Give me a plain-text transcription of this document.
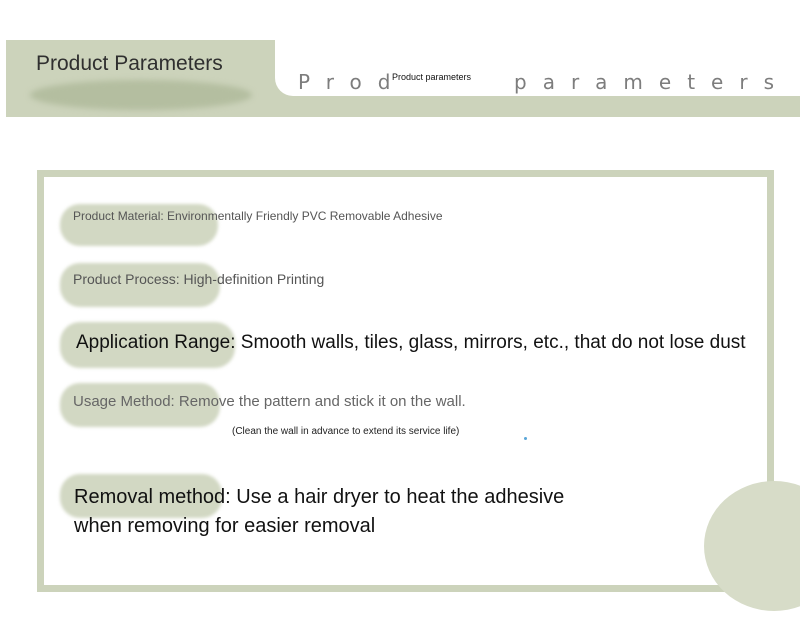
Product Parameters
Prod	parameters
Product parameters
Product Material: Environmentally Friendly PVC Removable Adhesive
Product Process: High-definition Printing
Application Range: Smooth walls, tiles, glass, mirrors, etc., that do not lose dust
Usage Method: Remove the pattern and stick it on the wall.
(Clean the wall in advance to extend its service life)
Removal method: Use a hair dryer to heat the adhesive
when removing for easier removal
